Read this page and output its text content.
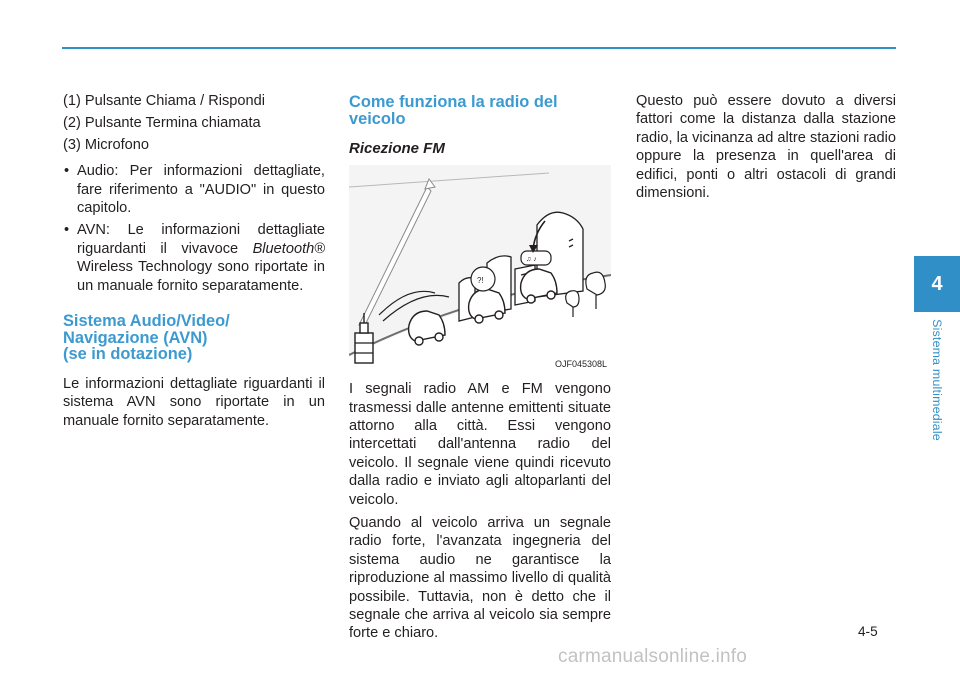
(1) Pulsante Chiama / Rispondi
(2) Pulsante Termina chiamata
(3) Microfono
• Audio: Per informazioni dettagliate, fare riferimento a "AUDIO" in questo capitolo.
• AVN: Le informazioni dettagliate riguardanti il vivavoce Bluetooth® Wireless Technology sono riportate in un manuale fornito separatamente.
Sistema Audio/Video/
Navigazione (AVN)
(se in dotazione)

Le informazioni dettagliate riguardanti il sistema AVN sono riportate in un manuale fornito separatamente.

Come funziona la radio del veicolo
Ricezione FM
?!
♫ ♪
OJF045308L

I segnali radio AM e FM vengono trasmessi dalle antenne emittenti situate attorno alla città. Essi vengono intercettati dall'antenna radio del veicolo. Il segnale viene quindi ricevuto dalla radio e inviato agli altoparlanti del veicolo.

Quando al veicolo arriva un segnale radio forte, l'avanzata ingegneria del sistema audio ne garantisce la riproduzione al massimo livello di qualità possibile. Tuttavia, non è detto che il segnale che arriva al veicolo sia sempre forte e chiaro.

Questo può essere dovuto a diversi fattori come la distanza dalla stazione radio, la vicinanza ad altre stazioni radio oppure la presenza in quell'area di edifici, ponti o altri ostacoli di grandi dimensioni.

4
Sistema multimediale
4-5
carmanualsonline.info
